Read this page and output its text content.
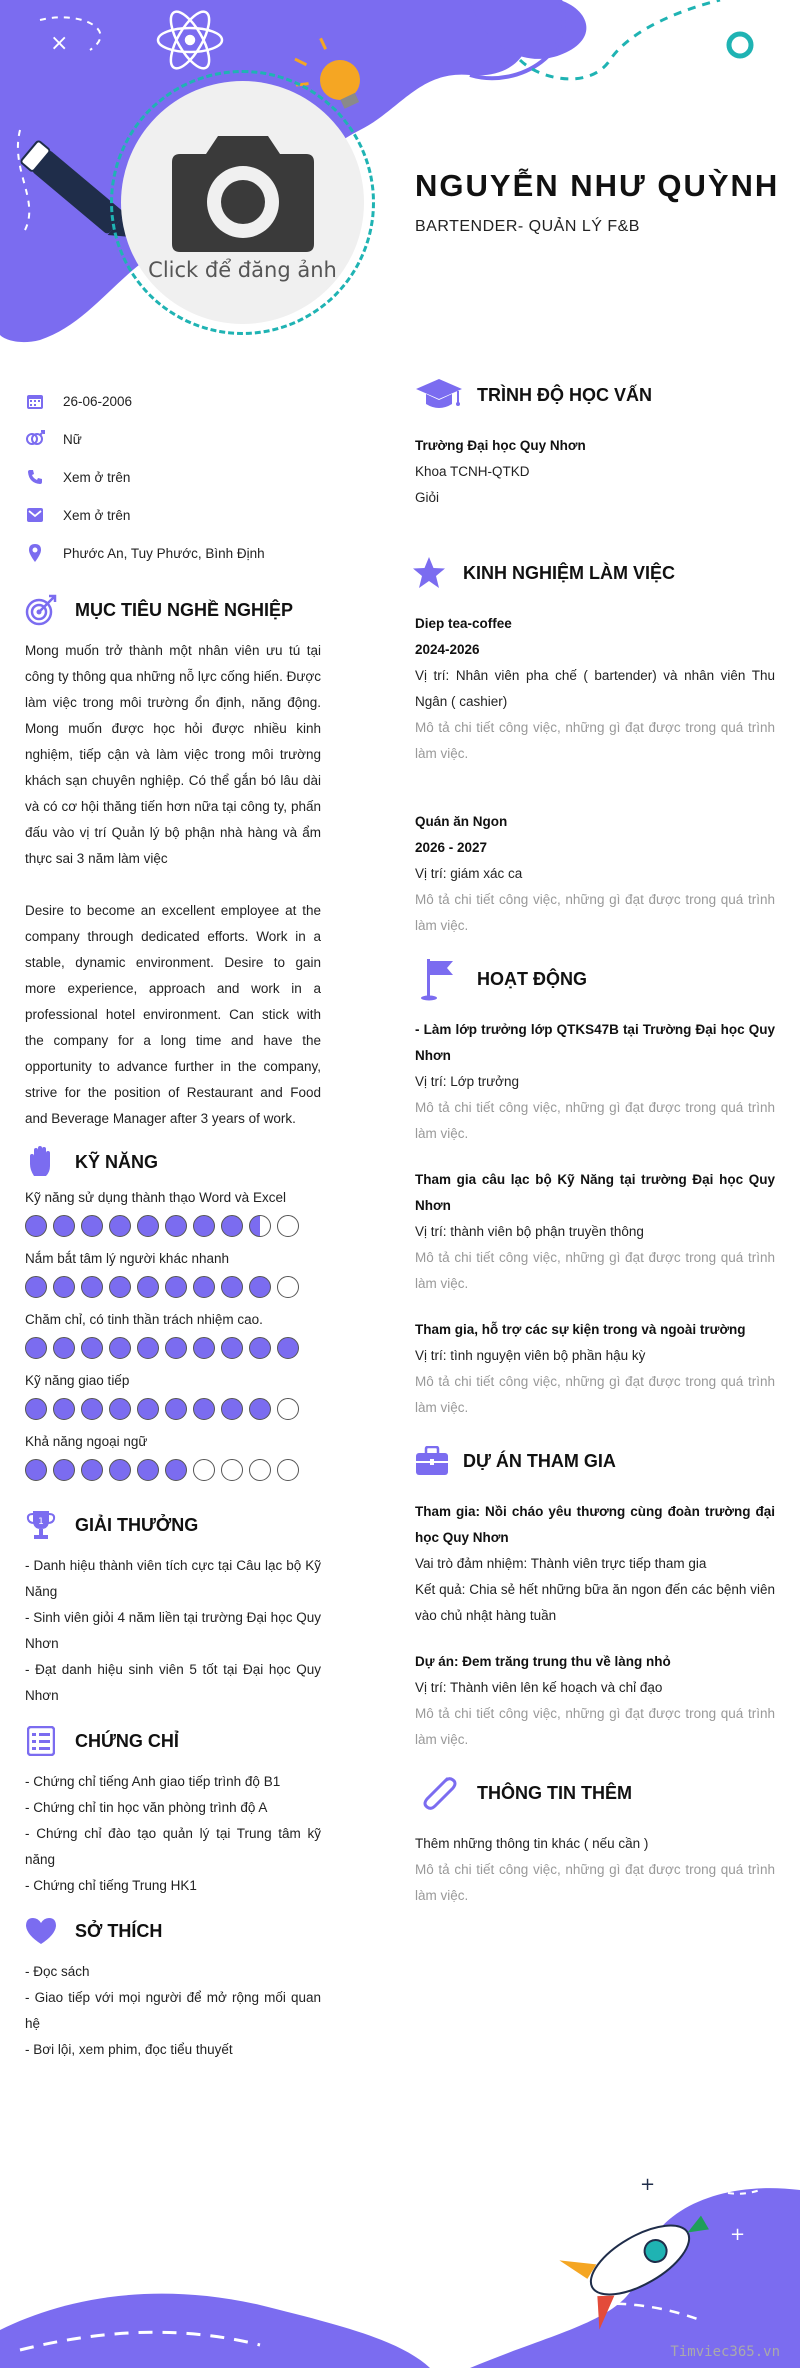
×
+
+
Click để đăng ảnh
NGUYỄN NHƯ QUỲNH
BARTENDER- QUẢN LÝ F&B
26-06-2006
Nữ
Xem ở trên
Xem ở trên
Phước An, Tuy Phước, Bình Định
MỤC TIÊU NGHỀ NGHIỆP
Mong muốn trở thành một nhân viên ưu tú tại công ty thông qua những nỗ lực cống hiến. Được làm việc trong môi trường ổn định, năng động. Mong muốn được học hỏi được nhiều kinh nghiệm, tiếp cận và làm việc trong môi trường khách sạn chuyên nghiệp. Có thể gắn bó lâu dài và có cơ hội thăng tiến hơn nữa tại công ty, phấn đấu vào vị trí Quản lý bộ phận nhà hàng và ẩm thực sai 3 năm làm việc
Desire to become an excellent employee at the company through dedicated efforts. Work in a stable, dynamic environment. Desire to gain more experience, approach and work in a professional hotel environment. Can stick with the company for a long time and have the opportunity to advance further in the company, strive for the position of Restaurant and Food and Beverage Manager after 3 years of work.
KỸ NĂNG
Kỹ năng sử dụng thành thạo Word và Excel
Nắm bắt tâm lý người khác nhanh
Chăm chỉ, có tinh thần trách nhiệm cao.
Kỹ năng giao tiếp
Khả năng ngoại ngữ
1 GIẢI THƯỞNG
- Danh hiệu thành viên tích cực tại Câu lạc bộ Kỹ Năng
- Sinh viên giỏi 4 năm liền tại trường Đại học Quy Nhơn
- Đạt danh hiệu sinh viên 5 tốt tại Đại học Quy Nhơn
CHỨNG CHỈ
- Chứng chỉ tiếng Anh giao tiếp trình độ B1
- Chứng chỉ tin học văn phòng trình độ A
- Chứng chỉ đào tạo quản lý tại Trung tâm kỹ năng
- Chứng chỉ tiếng Trung HK1
SỞ THÍCH
- Đọc sách
- Giao tiếp với mọi người để mở rộng mối quan hệ
- Bơi lội, xem phim, đọc tiểu thuyết
TRÌNH ĐỘ HỌC VẤN
Trường Đại học Quy Nhơn
Khoa TCNH-QTKD
Giỏi
KINH NGHIỆM LÀM VIỆC
Diep tea-coffee
2024-2026
Vị trí: Nhân viên pha chế ( bartender) và nhân viên Thu Ngân ( cashier)
Mô tả chi tiết công việc, những gì đạt được trong quá trình làm việc.
Quán ăn Ngon
2026 - 2027
Vị trí: giám xác ca
Mô tả chi tiết công việc, những gì đạt được trong quá trình làm việc.
HOẠT ĐỘNG
- Làm lớp trưởng lớp QTKS47B tại Trường Đại học Quy Nhơn
Vị trí: Lớp trưởng
Mô tả chi tiết công việc, những gì đạt được trong quá trình làm việc.
Tham gia câu lạc bộ Kỹ Năng tại trường Đại học Quy Nhơn
Vị trí: thành viên bộ phận truyền thông
Mô tả chi tiết công việc, những gì đạt được trong quá trình làm việc.
Tham gia, hỗ trợ các sự kiện trong và ngoài trường
Vị trí: tình nguyện viên bộ phần hậu kỳ
Mô tả chi tiết công việc, những gì đạt được trong quá trình làm việc.
DỰ ÁN THAM GIA
Tham gia: Nồi cháo yêu thương cùng đoàn trường đại học Quy Nhơn
Vai trò đảm nhiệm: Thành viên trực tiếp tham gia
Kết quả: Chia sẻ hết những bữa ăn ngon đến các bệnh viên vào chủ nhật hàng tuần
Dự án: Đem trăng trung thu về làng nhỏ
Vị trí: Thành viên lên kế hoạch và chỉ đạo
Mô tả chi tiết công việc, những gì đạt được trong quá trình làm việc.
THÔNG TIN THÊM
Thêm những thông tin khác ( nếu cần )
Mô tả chi tiết công việc, những gì đạt được trong quá trình làm việc.
Timviec365.vn
